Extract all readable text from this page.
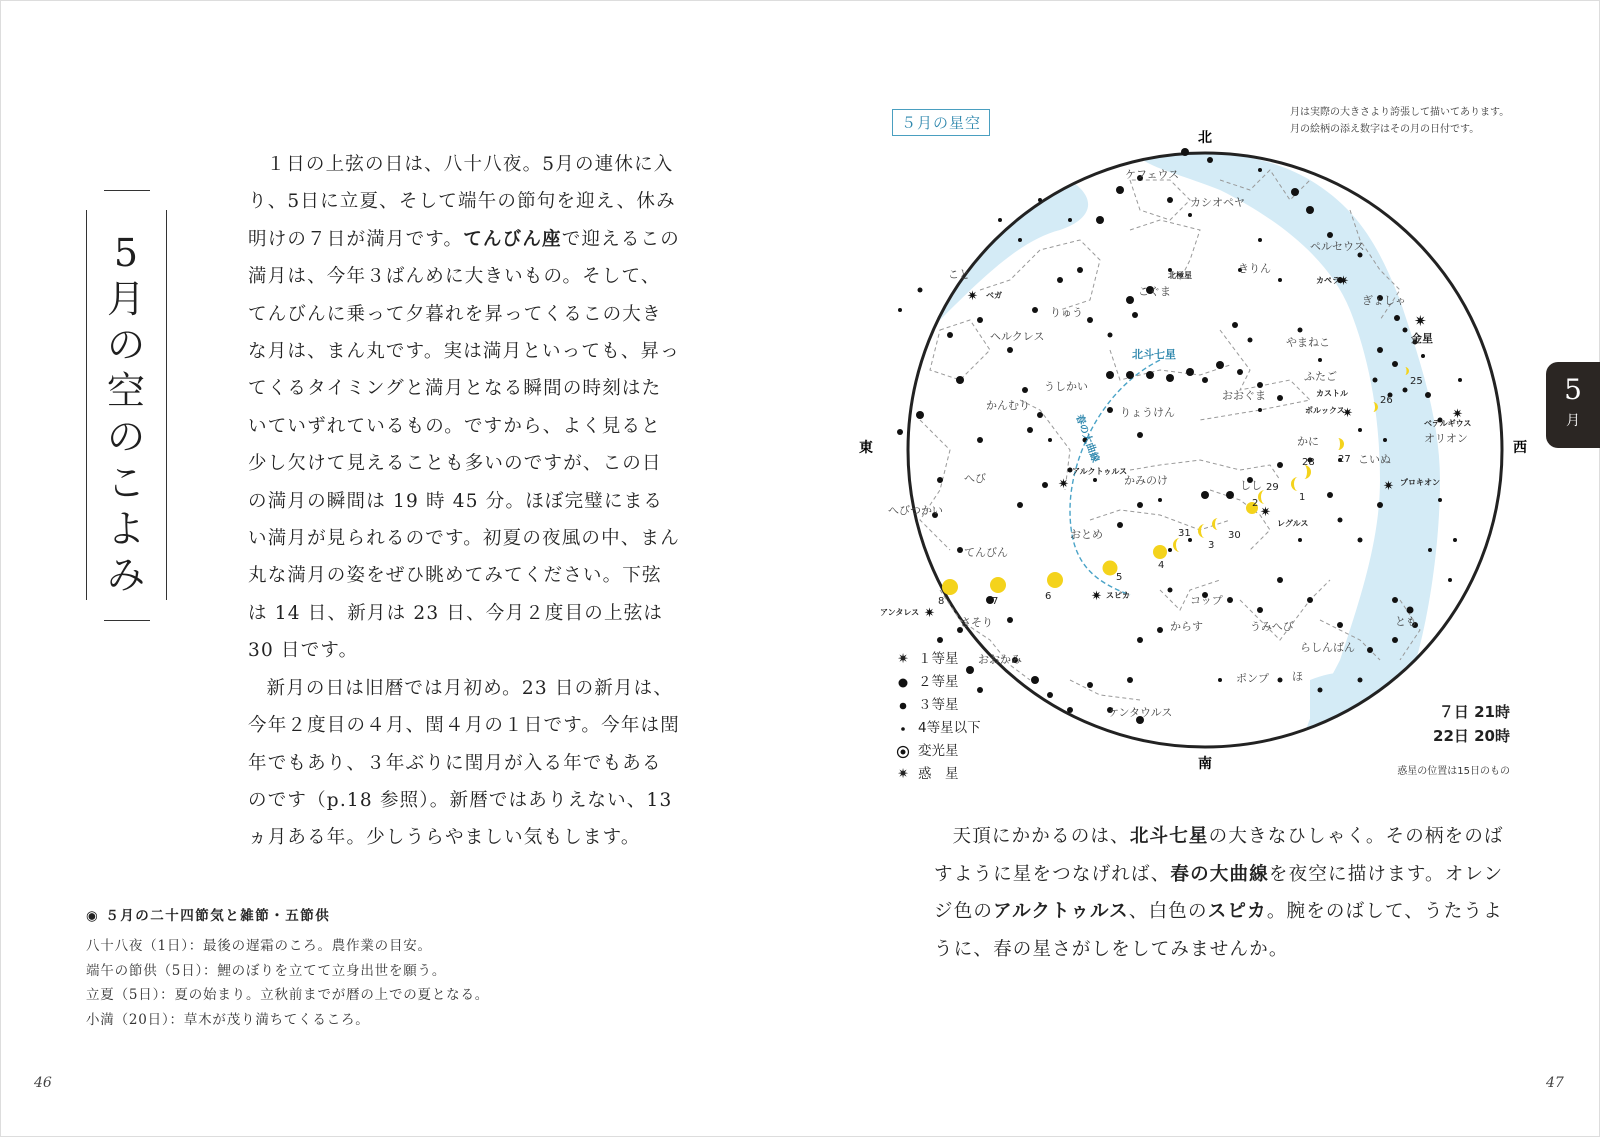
5
月
の
空
の
こ
よ
み

１日の上弦の日は、八十八夜。5月の連休に入り、5日に立夏、そして端午の節句を迎え、休み明けの７日が満月です。てんびん座で迎えるこの満月は、今年３ばんめに大きいもの。そして、てんびんに乗って夕暮れを昇ってくるこの大きな月は、まん丸です。実は満月といっても、昇ってくるタイミングと満月となる瞬間の時刻はたいていずれているもの。ですから、よく見ると少し欠けて見えることも多いのですが、この日の満月の瞬間は 19 時 45 分。ほぼ完璧にまるい満月が見られるのです。初夏の夜風の中、まん丸な満月の姿をぜひ眺めてみてください。下弦は 14 日、新月は 23 日、今月２度目の上弦は 30 日です。

新月の日は旧暦では月初め。23 日の新月は、今年２度目の４月、閏４月の１日です。今年は閏年でもあり、３年ぶりに閏月が入る年でもあるのです（p.18 参照）。新暦ではありえない、13ヵ月ある年。少しうらやましい気もします。

◉ ５月の二十四節気と雑節・五節供
八十八夜（1日）：最後の遅霜のころ。農作業の目安。
端午の節供（5日）：鯉のぼりを立てて立身出世を願う。
立夏（5日）：夏の始まり。立秋前までが暦の上での夏となる。
小満（20日）：草木が茂り満ちてくるころ。
46
５月の星空
月は実際の大きさより誇張して描いてあります。
月の絵柄の添え数字はその月の日付です。
北
南
東	西
✷
✷
✷	✷
✷	✷
✷
✷
✷
✷
25
26
27
28
29
1
2
3
30
31
4
5
6
7
8
ケフェウス
カシオペヤ
ペルセウス
きりん
こぐま
りゅう
こと
ヘルクレス	やまねこ
ぎょしゃ
ふたご
おおぐま
うしかい
かんむり
りょうけん
かに
こいぬ
へび	かみのけ	しし
へびつかい
おとめ
てんびん
コップ
からす	うみへび
さそり
おおかみ
らしんばん
ポンプ ほ
ケンタウルス
とも
オリオン
北極星
ベガ
カペラ
金星
カストル
ポルックス
ベテルギウス
アルクトゥルス
プロキオン
レグルス
スピカ
アンタレス
北斗七星
春の大曲線
✷ １等星
２等星
３等星
4等星以下
変光星
✷ 惑　星
７日 21時
22日 20時
惑星の位置は15日のもの

天頂にかかるのは、北斗七星の大きなひしゃく。その柄をのばすように星をつなげれば、春の大曲線を夜空に描けます。オレンジ色のアルクトゥルス、白色のスピカ。腕をのばして、うたうように、春の星さがしをしてみませんか。

47
5
月
